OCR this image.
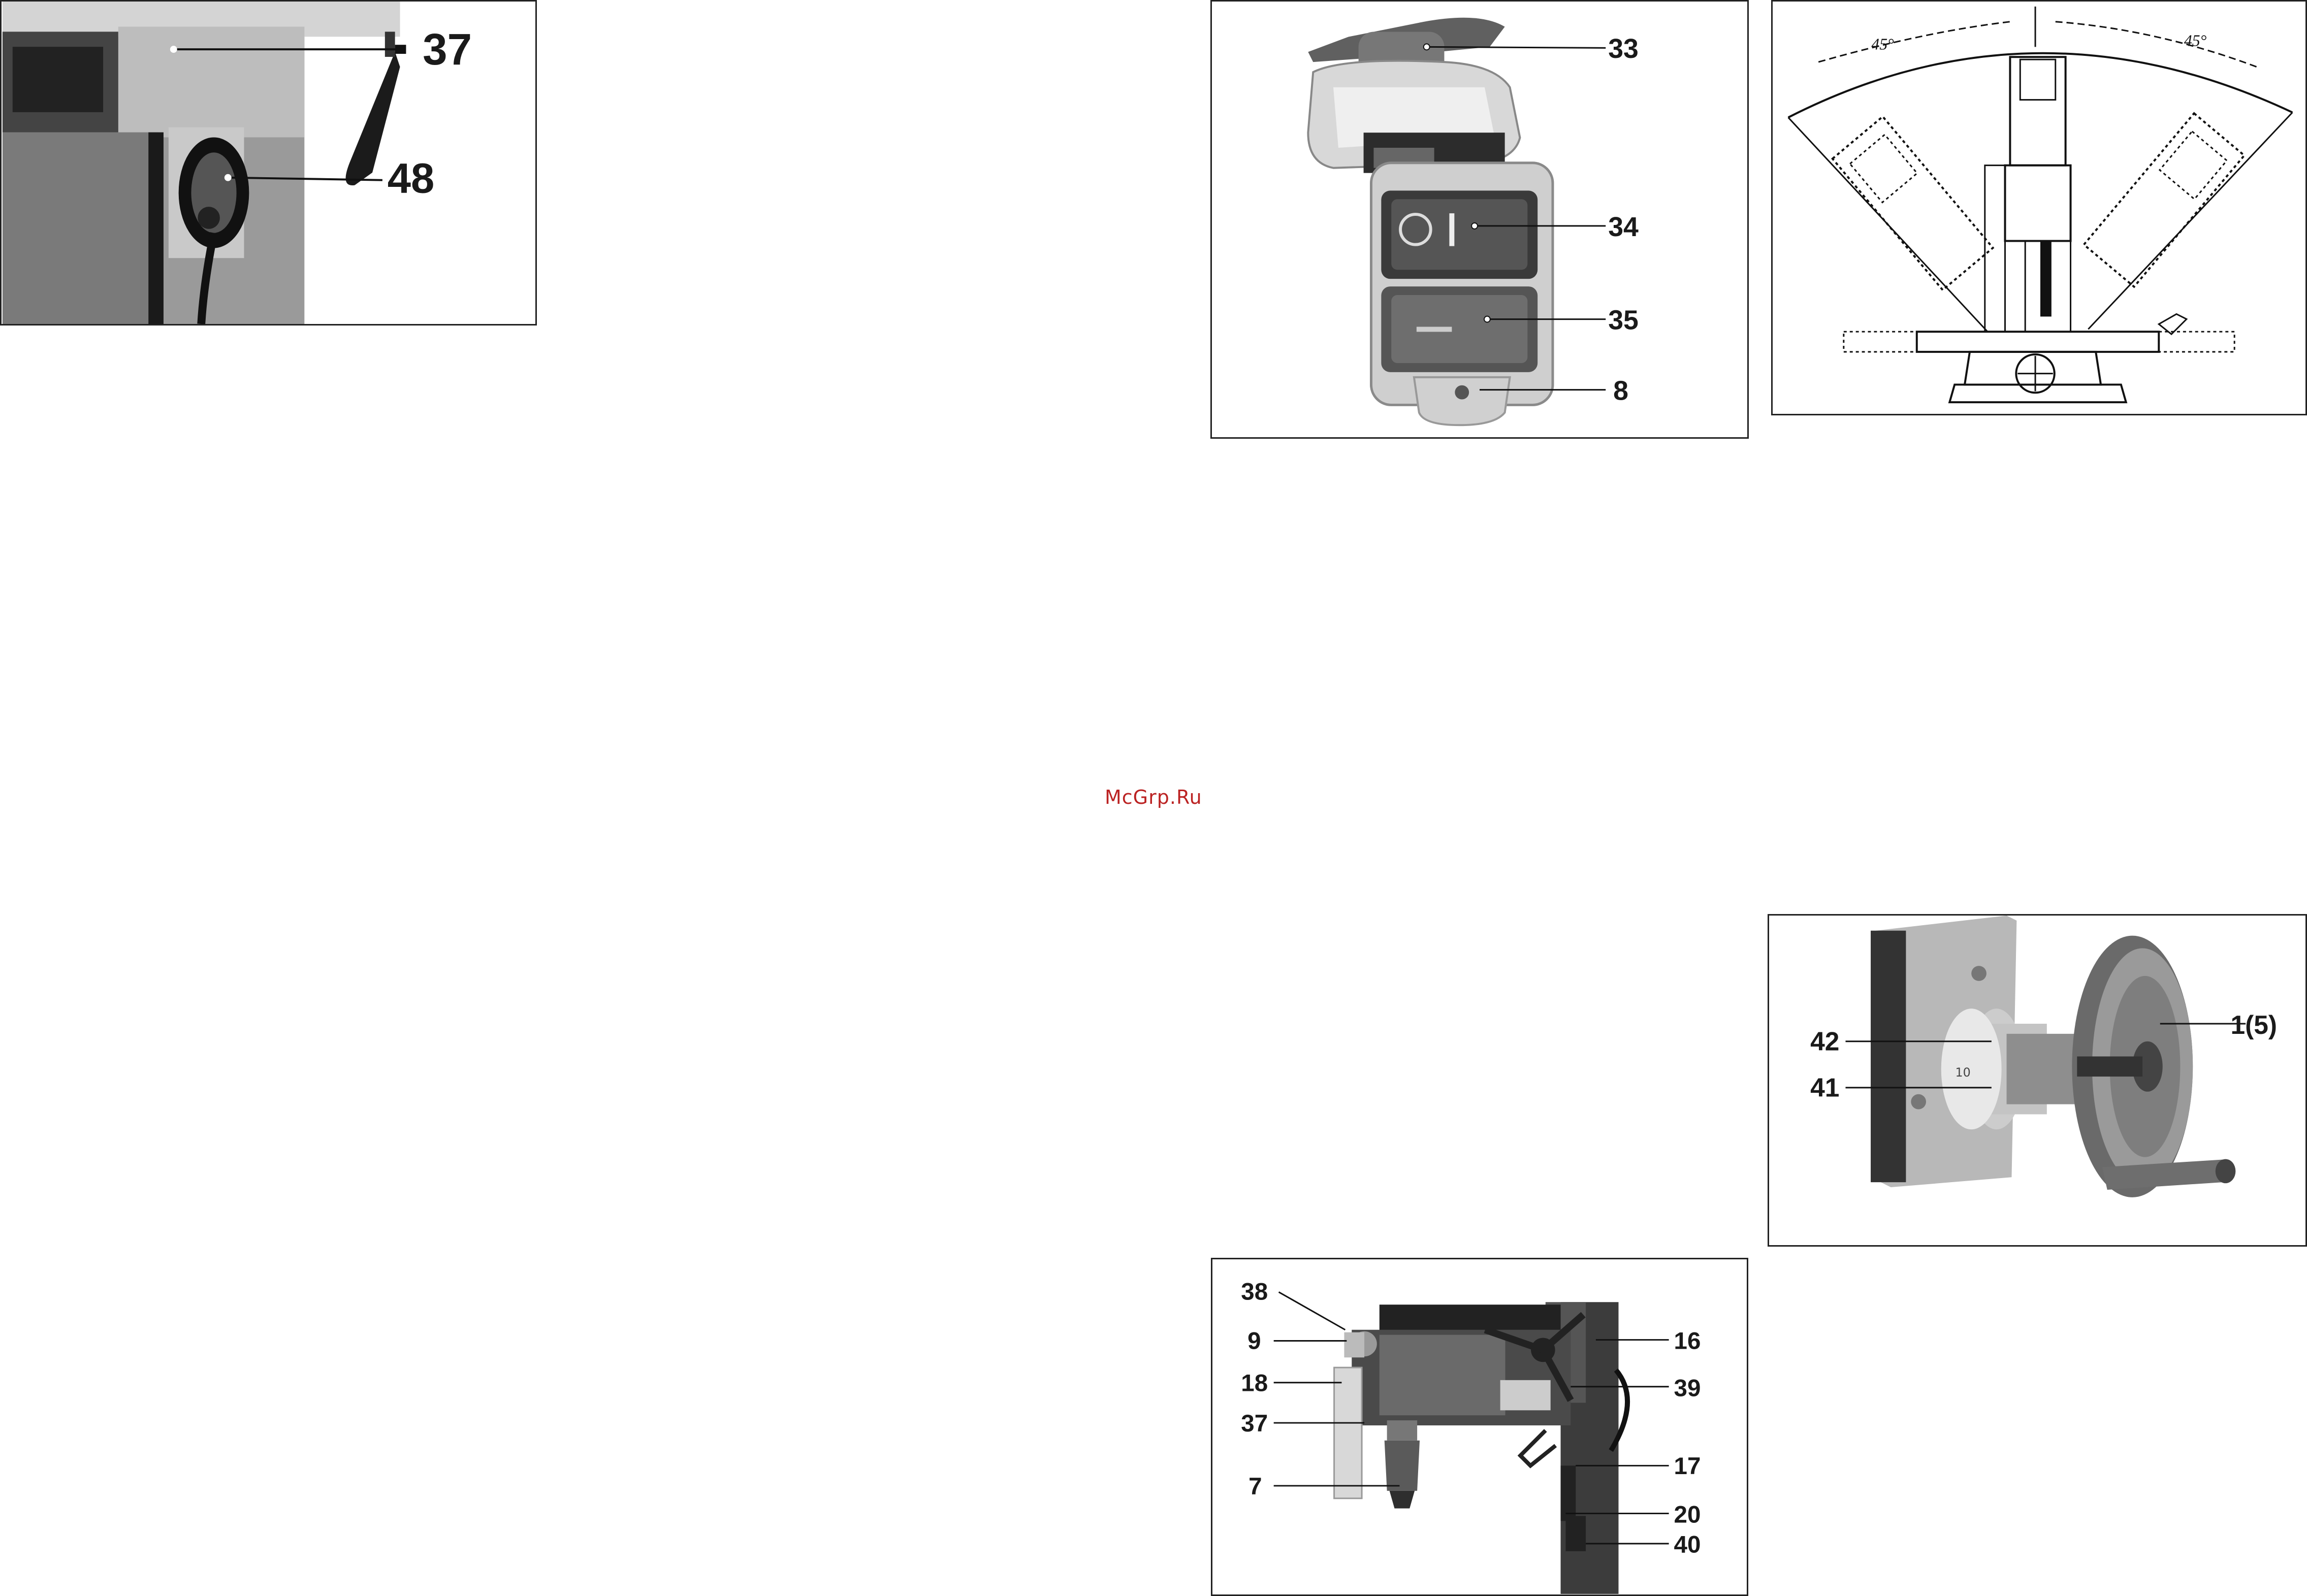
37
48
33
34
35
8
45°	45°
McGrp.Ru
10
1(5)
42
41
38
9
18
37
7
16
39
17
20
40
